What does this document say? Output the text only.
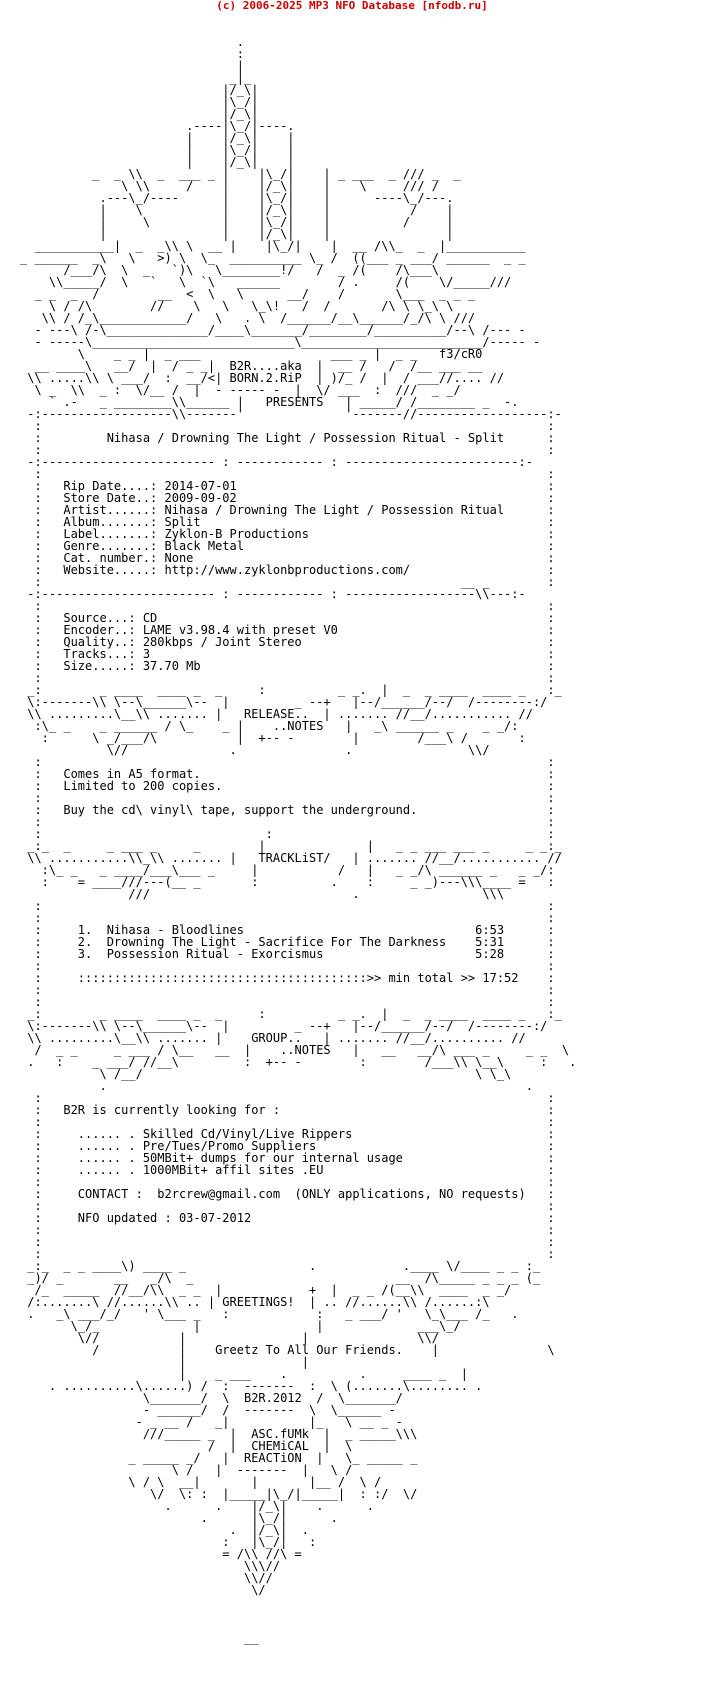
(c) 2006-2025 MP3 NFO Database [nfodb.ru]

.
:
|
_|_
|/_\|
|\_/|
|/_\|
.----|\_/|----.
|    |/_\|    |
|    |\_/|    |
|    |/_\|    |
_  _ \\  _  ___ _ |    |\_/|    | _ ___  _ /// _  _
\ \\     /    |    |/_\|    |    \     /// /
.---\_/----      |    |\_/|    |      ----\_/---.
|    \           |    |/_\|    |           /    |
|     \          |    |\_/|    |          /     |
|                |    |/_\|    |                |
___________|  _  _\\ \  __ |    |\_/|    |  __ /\\_  _  |___________
_ ______  _\   \   >) \  \_  __________ \_ /  ((___ _ ___/ ______  _ _
/___/\  \  _   `)\   \________!/   /  _ /(    /\___\
\\_____/  \   `   \  `\   ______        / .     /(    \/_____///
_ _  _  /        __  <  \   \      __/    /       \___  _ _ _
\ / /\        //    \   \   \_\!   /  /       /\ \ \_\ \
\\ / /_\____________/   \   . \  /______/__\______/_/\ \ ///
- ---\ /-\______________/____\_______/________/__________/--\ /--- -
- -----\____________________________\_________________________/----- -
\    _ _ |  _ ___                  ___ _ |  _ _   f3/cR0
__ ____\   __/  |  / _ _|  B2R....aka  |  __ /   /  /__ ___ __
\\ .....\\ \ ___/  :  __/<| BORN.2.RiP  | )/_ /  |  / ___//.... //
\ _  \\  _ :  \/__ /  |  - ----- -  |  \/ ___  :  ///  _ _/
` .-   _ ________\\______ |   PRESENTS   | _____/ /________ _  -.
-:------------------\\-------'              '-------//------------------:-
:                                                                      :
:         Nihasa / Drowning The Light / Possession Ritual - Split      :
:                                                                      :
-:------------------------ : ------------ : ------------------------:-
:                                                                      :
:   Rip Date....: 2014-07-01                                           :
:   Store Date..: 2009-09-02                                           :
:   Artist......: Nihasa / Drowning The Light / Possession Ritual      :
:   Album.......: Split                                                :
:   Label.......: Zyklon-B Productions                                 :
:   Genre.......: Black Metal                                          :
:   Cat. number.: None                                                 :
:   Website.....: http://www.zyklonbproductions.com/                   :
:                                                          __ _        :
-:------------------------ : ------------ : ------------------\\---:-
:                                                                      :
:   Source...: CD                                                      :
:   Encoder..: LAME v3.98.4 with preset V0                             :
:   Quality..: 280kbps / Joint Stereo                                  :
:   Tracks...: 3                                                       :
:   Size.....: 37.70 Mb                                                :
:                                                                      :
_:        _ ____  ____ _  _     :          _ _.  |  _  _ ____  ____ _   :_
\:-------\\ \--\______\--  |         _ --+   |--/______/--/  /--------:/
\\ .........\__\\ ....... |   RELEASE..  | ....... //__/........... //
:\_ _    _ ______ / \_    _ |    ..NOTES   |   _\ ______ _    _ _/:
:      \ _/___/\           |  +-- -        |        /___\ /       :
\//              .               .                \\/
:                                                                      :
:   Comes in A5 format.                                                :
:   Limited to 200 copies.                                             :
:                                                                      :
:   Buy the cd\ vinyl\ tape, support the underground.                  :
:                                                                      :
:                               :                                      :
_:_  _     _ ___ _     _        |              |   _ _ ___ ___ _     _ _:_
\\ ...........\\_\\ ....... |   TRACKLiST/   | ....... //__/........... //
:\_ _   _ ____/___\___ _     |           /   |   _ _/\ ______ _   _ _/:
:    = ____///---(__ _       :          .    :     _ _)---\\\____ =   :
///                            .                 \\\
:                                                                      :
:                                                                      :
:     1.  Nihasa - Bloodlines                                6:53      :
:     2.  Drowning The Light - Sacrifice For The Darkness    5:31      :
:     3.  Possession Ritual - Exorcismus                     5:28      :
:                                                                      :
:     ::::::::::::::::::::::::::::::::::::::::>> min total >> 17:52    :
:                                                                      :
:                                                                      :
_:        _ ____  ____ _  _     :          _ _.  |  _  _ ____  ____ _   :_
\:-------\\ \--\______\--  |         _ --+   |--/______/--/  /--------:/
\\ .........\__\\ ....... |    GROUP..   | ....... //__/.......... //
/  _ _     _ ___ / \__   __  |    ..NOTES   |   __   __/\ ___ _     _ _  \
.   :    _ ___/ //__\         :  +-- -        :        /___\\ \__\     :   .
\ /__/                                              \ \_\
.                                                          .
:                                                                      :
:   B2R is currently looking for :                                     :
:                                                                      :
:     ...... . Skilled Cd/Vinyl/Live Rippers                           :
:     ...... . Pre/Tues/Promo Suppliers                                :
:     ...... . 50MBit+ dumps for our internal usage                    :
:     ...... . 1000MBit+ affil sites .EU                               :
:                                                                      :
:     CONTACT :  b2rcrew@gmail.com  (ONLY applications, NO requests)   :
:                                                                      :
:     NFO updated : 03-07-2012                                         :
:                                                                      :
:                                                                      :
:                                                                      :
_:_  _ _ ____\) ____ _                 .            .____ \/____ _ _ :_
_)/ _       __   _/\  _                            __  /\_____ _ _ _ (_
/_  _____  //__/\\  _ _  |            +  |  _ _ /(__\\  ____  _ _/
/:.......\ //......\\ .. | GREETINGS!  | .. //......\\ /......:\
.   _\ ___/_/   ' \___ _   :            :   _ ___/ '   \_\___ /_   .
\_/_             |                |             ___\_/
\//           |                |               \\/
/           |    Greetz To All Our Friends.    |               \
|                |
|    _ ___    .          .     ____ _  |
. ..........\......) /  :  -------  :  \ (.......\........ .
\_______/  \  B2R.2012  /  \_______/
- ______/  /  -------  \  \______ -
- _ __ /   _|           |_   \ __ _ -
///_____ _  |  ASC.fUMk  |  _ _____\\\
/  |  CHEMiCAL  |  \
_ _____ _/   |  REACTiON  |   \_ _____ _
\ /   |  -------  |   \ /
\ / \  __|       |       |__ /  \ /
\/  \: :  |_____|\_/|_____|  : :/  \/
.      .    |/_\|    .      .
.      |\_/|      .
.  |/_\|  .
:   |\_/|   :
= /\\ //\ =
\\\//
\\//
\/

__
